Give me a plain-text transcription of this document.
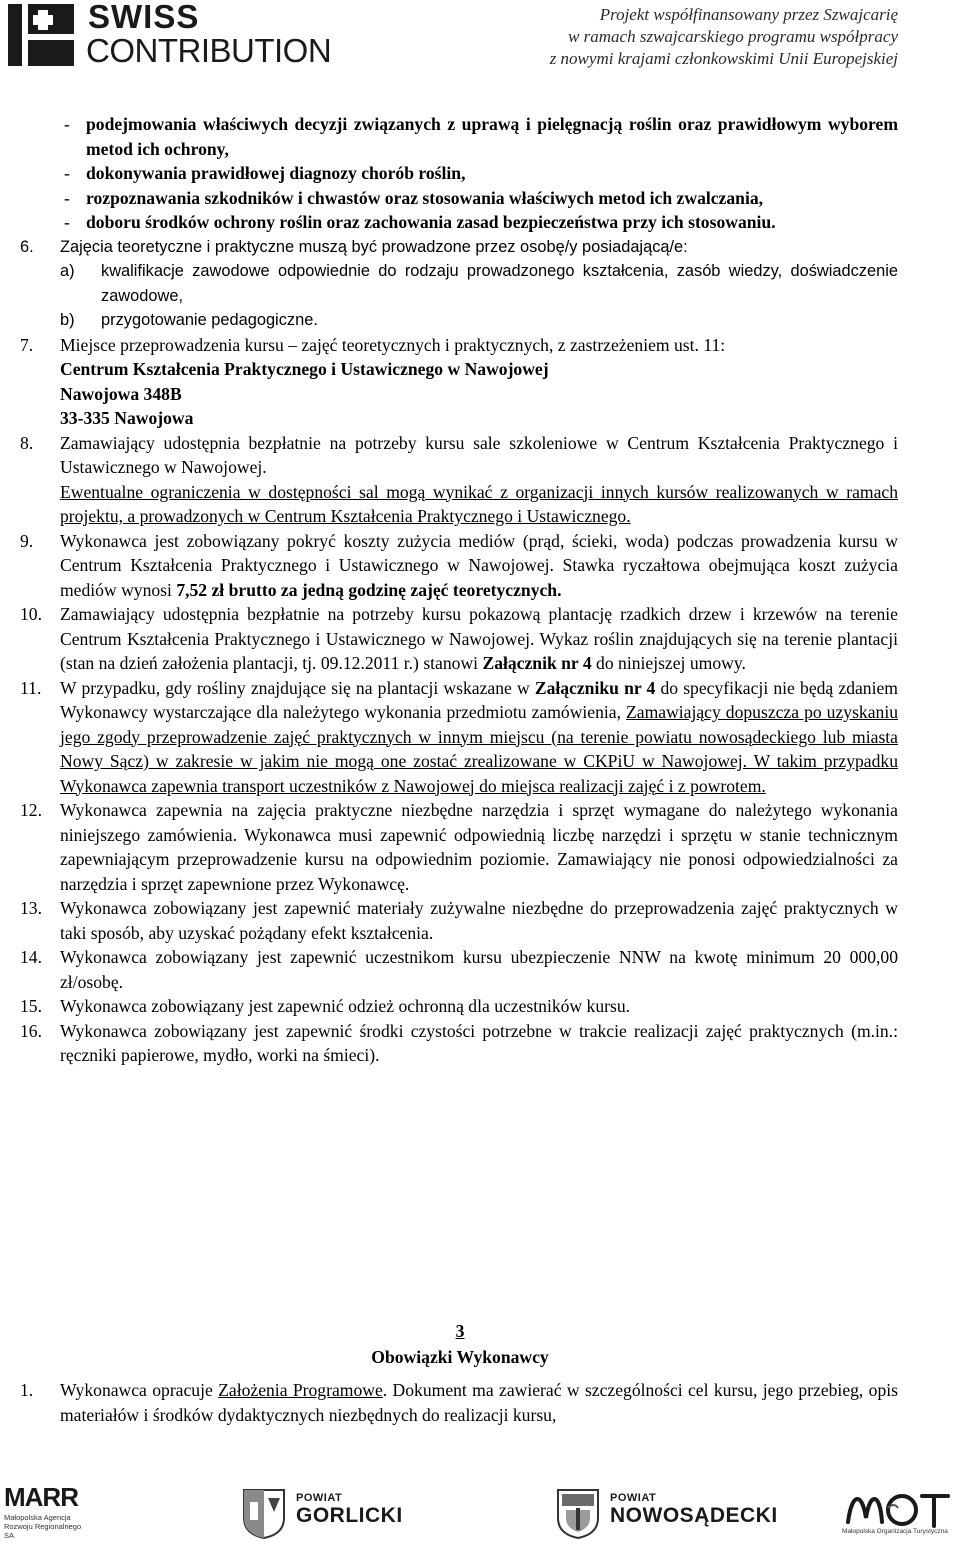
SWISS
CONTRIBUTION
Projekt współfinansowany przez Szwajcarię
w ramach szwajcarskiego programu współpracy
z nowymi krajami członkowskimi Unii Europejskiej
- podejmowania właściwych decyzji związanych z uprawą i pielęgnacją roślin oraz prawidłowym wyborem metod ich ochrony,
- dokonywania prawidłowej diagnozy chorób roślin,
- rozpoznawania szkodników i chwastów oraz stosowania właściwych metod ich zwalczania,
- doboru środków ochrony roślin oraz zachowania zasad bezpieczeństwa przy ich stosowaniu.
6. Zajęcia teoretyczne i praktyczne muszą być prowadzone przez osobę/y posiadającą/e:
a) kwalifikacje zawodowe odpowiednie do rodzaju prowadzonego kształcenia, zasób wiedzy, doświadczenie zawodowe,
b) przygotowanie pedagogiczne.
7. Miejsce przeprowadzenia kursu – zajęć teoretycznych i praktycznych, z zastrzeżeniem ust. 11:
Centrum Kształcenia Praktycznego i Ustawicznego w Nawojowej
Nawojowa 348B
33-335 Nawojowa
8. Zamawiający udostępnia bezpłatnie na potrzeby kursu sale szkoleniowe w Centrum Kształcenia Praktycznego i Ustawicznego w Nawojowej.
Ewentualne ograniczenia w dostępności sal mogą wynikać z organizacji innych kursów realizowanych w ramach projektu, a prowadzonych w Centrum Kształcenia Praktycznego i Ustawicznego.
9. Wykonawca jest zobowiązany pokryć koszty zużycia mediów (prąd, ścieki, woda) podczas prowadzenia kursu w Centrum Kształcenia Praktycznego i Ustawicznego w Nawojowej. Stawka ryczałtowa obejmująca koszt zużycia mediów wynosi 7,52 zł brutto za jedną godzinę zajęć teoretycznych.
10. Zamawiający udostępnia bezpłatnie na potrzeby kursu pokazową plantację rzadkich drzew i krzewów na terenie Centrum Kształcenia Praktycznego i Ustawicznego w Nawojowej. Wykaz roślin znajdujących się na terenie plantacji (stan na dzień założenia plantacji, tj. 09.12.2011 r.) stanowi Załącznik nr 4 do niniejszej umowy.
11. W przypadku, gdy rośliny znajdujące się na plantacji wskazane w Załączniku nr 4 do specyfikacji nie będą zdaniem Wykonawcy wystarczające dla należytego wykonania przedmiotu zamówienia, Zamawiający dopuszcza po uzyskaniu jego zgody przeprowadzenie zajęć praktycznych w innym miejscu (na terenie powiatu nowosądeckiego lub miasta Nowy Sącz) w zakresie w jakim nie mogą one zostać zrealizowane w CKPiU w Nawojowej. W takim przypadku Wykonawca zapewnia transport uczestników z Nawojowej do miejsca realizacji zajęć i z powrotem.
12. Wykonawca zapewnia na zajęcia praktyczne niezbędne narzędzia i sprzęt wymagane do należytego wykonania niniejszego zamówienia. Wykonawca musi zapewnić odpowiednią liczbę narzędzi i sprzętu w stanie technicznym zapewniającym przeprowadzenie kursu na odpowiednim poziomie. Zamawiający nie ponosi odpowiedzialności za narzędzia i sprzęt zapewnione przez Wykonawcę.
13. Wykonawca zobowiązany jest zapewnić materiały zużywalne niezbędne do przeprowadzenia zajęć praktycznych w taki sposób, aby uzyskać pożądany efekt kształcenia.
14. Wykonawca zobowiązany jest zapewnić uczestnikom kursu ubezpieczenie NNW na kwotę minimum 20 000,00 zł/osobę.
15. Wykonawca zobowiązany jest zapewnić odzież ochronną dla uczestników kursu.
16. Wykonawca zobowiązany jest zapewnić środki czystości potrzebne w trakcie realizacji zajęć praktycznych (m.in.: ręczniki papierowe, mydło, worki na śmieci).
3
Obowiązki Wykonawcy
1. Wykonawca opracuje Założenia Programowe. Dokument ma zawierać w szczególności cel kursu, jego przebieg, opis materiałów i środków dydaktycznych niezbędnych do realizacji kursu,
MARR
Małopolska Agencja Rozwoju Regionalnego SA
POWIAT
GORLICKI
POWIAT
NOWOSĄDECKI
Małopolska Organizacja Turystyczna
